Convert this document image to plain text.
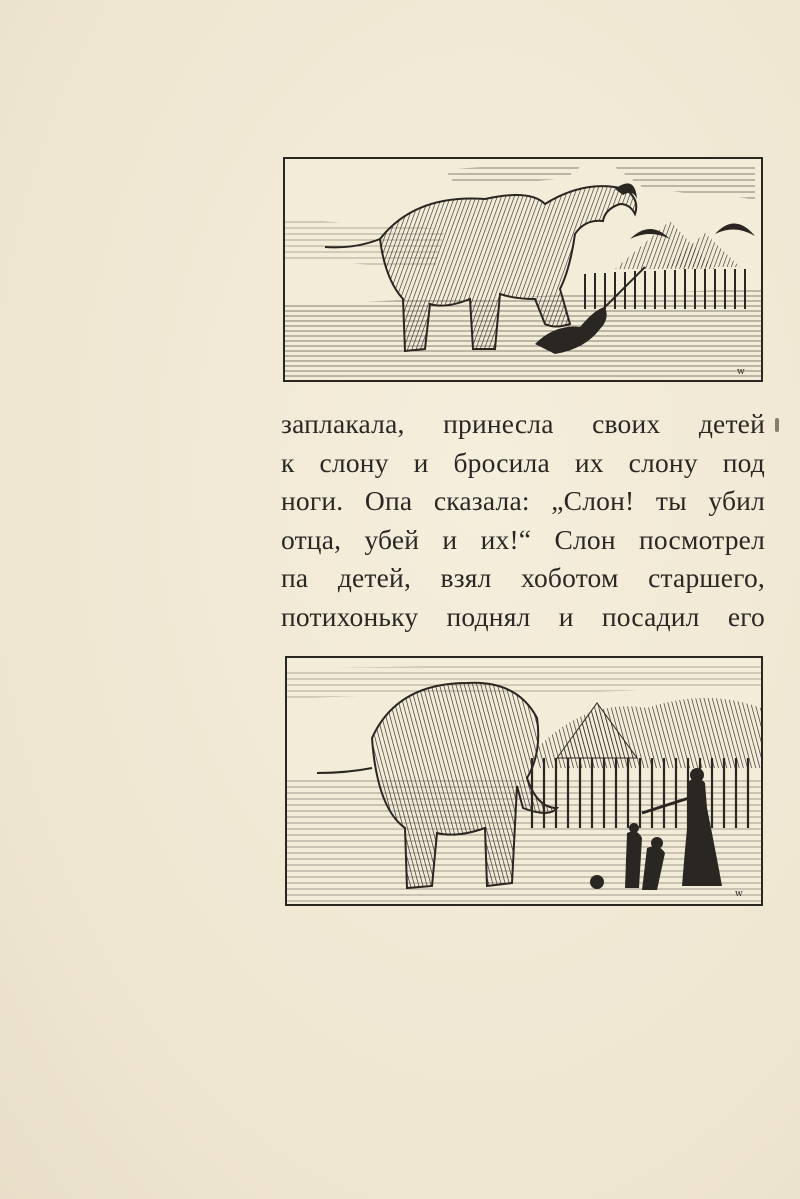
w
заплакала, принесла своих детей
к слону и бросила их слону под
ноги. Опа сказала: „Слон! ты убил
отца, убей и их!“ Слон посмотрел
па детей, взял хоботом старшего,
потихоньку поднял и посадил его
w
